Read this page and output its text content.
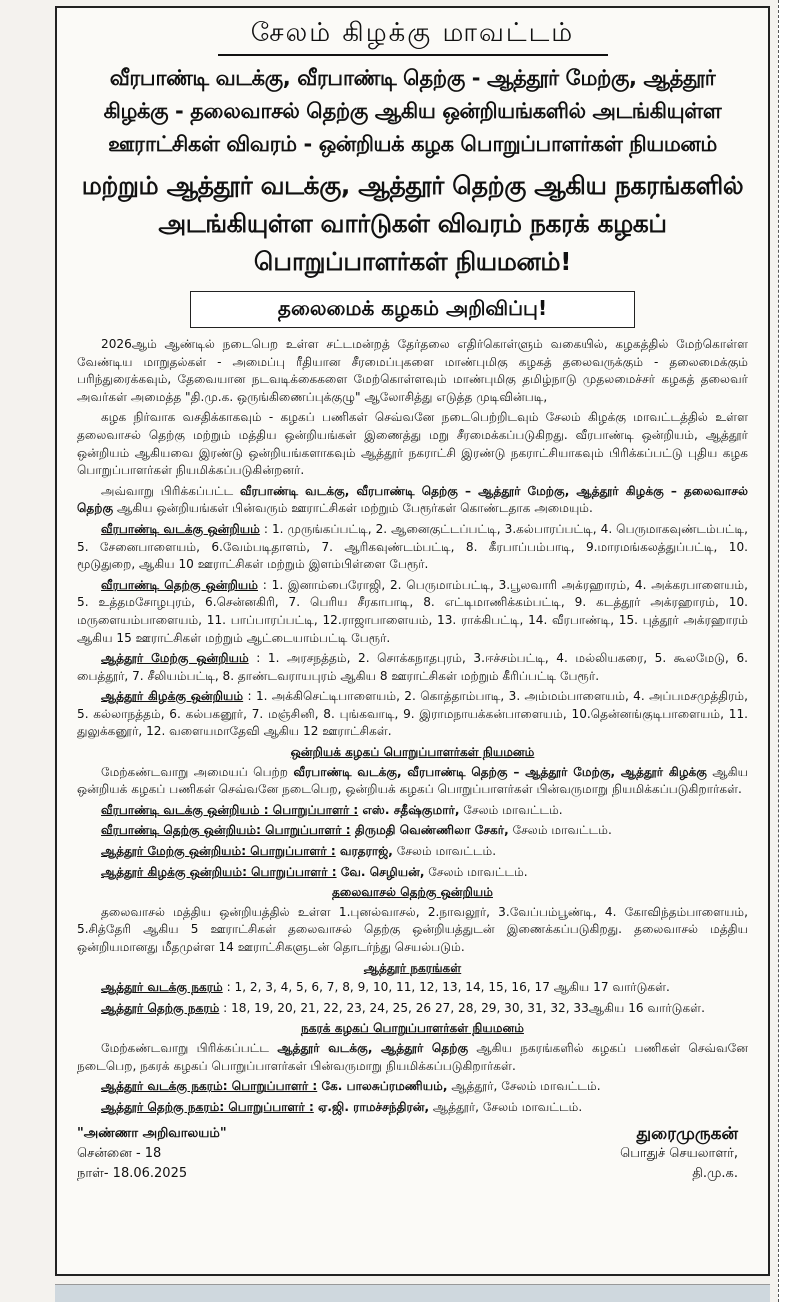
சேலம் கிழக்கு மாவட்டம்
வீரபாண்டி வடக்கு, வீரபாண்டி தெற்கு - ஆத்தூர் மேற்கு, ஆத்தூர் கிழக்கு - தலைவாசல் தெற்கு ஆகிய ஒன்றியங்களில் அடங்கியுள்ள ஊராட்சிகள் விவரம் - ஒன்றியக் கழக பொறுப்பாளர்கள் நியமனம்
மற்றும் ஆத்தூர் வடக்கு, ஆத்தூர் தெற்கு ஆகிய நகரங்களில் அடங்கியுள்ள வார்டுகள் விவரம் நகரக் கழகப் பொறுப்பாளர்கள் நியமனம்!
தலைமைக் கழகம் அறிவிப்பு!

2026ஆம் ஆண்டில் நடைபெற உள்ள சட்டமன்றத் தேர்தலை எதிர்கொள்ளும் வகையில், கழகத்தில் மேற்கொள்ள வேண்டிய மாறுதல்கள் - அமைப்பு ரீதியான சீரமைப்புகளை மாண்புமிகு கழகத் தலைவருக்கும் - தலைமைக்கும் பரிந்துரைக்கவும், தேவையான நடவடிக்கைகளை மேற்கொள்ளவும் மாண்புமிகு தமிழ்நாடு முதலமைச்சர் கழகத் தலைவர் அவர்கள் அமைத்த "தி.மு.க. ஒருங்கிணைப்புக்குழு" ஆலோசித்து எடுத்த முடிவின்படி,

கழக நிர்வாக வசதிக்காகவும் - கழகப் பணிகள் செவ்வனே நடைபெற்றிடவும் சேலம் கிழக்கு மாவட்டத்தில் உள்ள தலைவாசல் தெற்கு மற்றும் மத்திய ஒன்றியங்கள் இணைத்து மறு சீரமைக்கப்படுகிறது. வீரபாண்டி ஒன்றியம், ஆத்தூர் ஒன்றியம் ஆகியவை இரண்டு ஒன்றியங்களாகவும் ஆத்தூர் நகராட்சி இரண்டு நகராட்சியாகவும் பிரிக்கப்பட்டு புதிய கழக பொறுப்பாளர்கள் நியமிக்கப்படுகின்றனர்.

அவ்வாறு பிரிக்கப்பட்ட வீரபாண்டி வடக்கு, வீரபாண்டி தெற்கு – ஆத்தூர் மேற்கு, ஆத்தூர் கிழக்கு – தலைவாசல் தெற்கு ஆகிய ஒன்றியங்கள் பின்வரும் ஊராட்சிகள் மற்றும் பேரூர்கள் கொண்டதாக அமையும்.

வீரபாண்டி வடக்கு ஒன்றியம் : 1. முருங்கப்பட்டி, 2. ஆனைகுட்டப்பட்டி, 3.கல்பாரப்பட்டி, 4. பெருமாகவுண்டம்பட்டி, 5. சேனைபாளையம், 6.வேம்படிதாளம், 7. ஆரிகவுண்டம்பட்டி, 8. கீரபாப்பம்பாடி, 9.மாரமங்கலத்துப்பட்டி, 10. மூடுதுறை, ஆகிய 10 ஊராட்சிகள் மற்றும் இளம்பிள்ளை பேரூர்.

வீரபாண்டி தெற்கு ஒன்றியம் : 1. இனாம்பைரோஜி, 2. பெருமாம்பட்டி, 3.பூலவாரி அக்ரஹாரம், 4. அக்கரபாளையம், 5. உத்தமசோழபுரம், 6.சென்னகிரி, 7. பெரிய சீரகாபாடி, 8. எட்டிமாணிக்கம்பட்டி, 9. கடத்தூர் அக்ரஹாரம், 10. மருளையம்பாளையம், 11. பாப்பாரப்பட்டி, 12.ராஜாபாளையம், 13. ராக்கிபட்டி, 14. வீரபாண்டி, 15. புத்தூர் அக்ரஹாரம் ஆகிய 15 ஊராட்சிகள் மற்றும் ஆட்டையாம்பட்டி பேரூர்.

ஆத்தூர் மேற்கு ஒன்றியம் : 1. அரசநத்தம், 2. சொக்கநாதபுரம், 3.ஈச்சம்பட்டி, 4. மல்லியகரை, 5. கூலமேடு, 6. பைத்தூர், 7. சீலியம்பட்டி, 8. தாண்டவராயபுரம் ஆகிய 8 ஊராட்சிகள் மற்றும் கீரிப்பட்டி பேரூர்.

ஆத்தூர் கிழக்கு ஒன்றியம் : 1. அக்கிசெட்டிபாளையம், 2. கொத்தாம்பாடி, 3. அம்மம்பாளையம், 4. அப்பமசமுத்திரம், 5. கல்லாநத்தம், 6. கல்பகனூர், 7. மஞ்சினி, 8. புங்கவாடி, 9. இராமநாயக்கன்பாளையம், 10.தென்னங்குடிபாளையம், 11. துலுக்கனூர், 12. வளையமாதேவி ஆகிய 12 ஊராட்சிகள்.

ஒன்றியக் கழகப் பொறுப்பாளர்கள் நியமனம்

மேற்கண்டவாறு அமையப் பெற்ற வீரபாண்டி வடக்கு, வீரபாண்டி தெற்கு – ஆத்தூர் மேற்கு, ஆத்தூர் கிழக்கு ஆகிய ஒன்றியக் கழகப் பணிகள் செவ்வனே நடைபெற, ஒன்றியக் கழகப் பொறுப்பாளர்கள் பின்வருமாறு நியமிக்கப்படுகிறார்கள்.

வீரபாண்டி வடக்கு ஒன்றியம் : பொறுப்பாளர் : எஸ். சதீஷ்குமார், சேலம் மாவட்டம்.

வீரபாண்டி தெற்கு ஒன்றியம்: பொறுப்பாளர் : திருமதி வெண்ணிலா சேகர், சேலம் மாவட்டம்.

ஆத்தூர் மேற்கு ஒன்றியம்: பொறுப்பாளர் : வரதராஜ், சேலம் மாவட்டம்.

ஆத்தூர் கிழக்கு ஒன்றியம்: பொறுப்பாளர் : வே. செழியன், சேலம் மாவட்டம்.

தலைவாசல் தெற்கு ஒன்றியம்

தலைவாசல் மத்திய ஒன்றியத்தில் உள்ள 1.புனல்வாசல், 2.நாவலூர், 3.வேப்பம்பூண்டி, 4. கோவிந்தம்பாளையம், 5.சித்தேரி ஆகிய 5 ஊராட்சிகள் தலைவாசல் தெற்கு ஒன்றியத்துடன் இணைக்கப்படுகிறது. தலைவாசல் மத்திய ஒன்றியமானது மீதமுள்ள 14 ஊராட்சிகளுடன் தொடர்ந்து செயல்படும்.

ஆத்தூர் நகரங்கள்

ஆத்தூர் வடக்கு நகரம் : 1, 2, 3, 4, 5, 6, 7, 8, 9, 10, 11, 12, 13, 14, 15, 16, 17 ஆகிய 17 வார்டுகள்.

ஆத்தூர் தெற்கு நகரம் : 18, 19, 20, 21, 22, 23, 24, 25, 26 27, 28, 29, 30, 31, 32, 33ஆகிய 16 வார்டுகள்.

நகரக் கழகப் பொறுப்பாளர்கள் நியமனம்

மேற்கண்டவாறு பிரிக்கப்பட்ட ஆத்தூர் வடக்கு, ஆத்தூர் தெற்கு ஆகிய நகரங்களில் கழகப் பணிகள் செவ்வனே நடைபெற, நகரக் கழகப் பொறுப்பாளர்கள் பின்வருமாறு நியமிக்கப்படுகிறார்கள்.

ஆத்தூர் வடக்கு நகரம்: பொறுப்பாளர் : கே. பாலசுப்ரமணியம், ஆத்தூர், சேலம் மாவட்டம்.

ஆத்தூர் தெற்கு நகரம்: பொறுப்பாளர் : ஏ.ஜி. ராமச்சந்திரன், ஆத்தூர், சேலம் மாவட்டம்.

"அண்ணா அறிவாலயம்"
சென்னை - 18
நாள்- 18.06.2025
துரைமுருகன்
பொதுச் செயலாளர்,
தி.மு.க.
